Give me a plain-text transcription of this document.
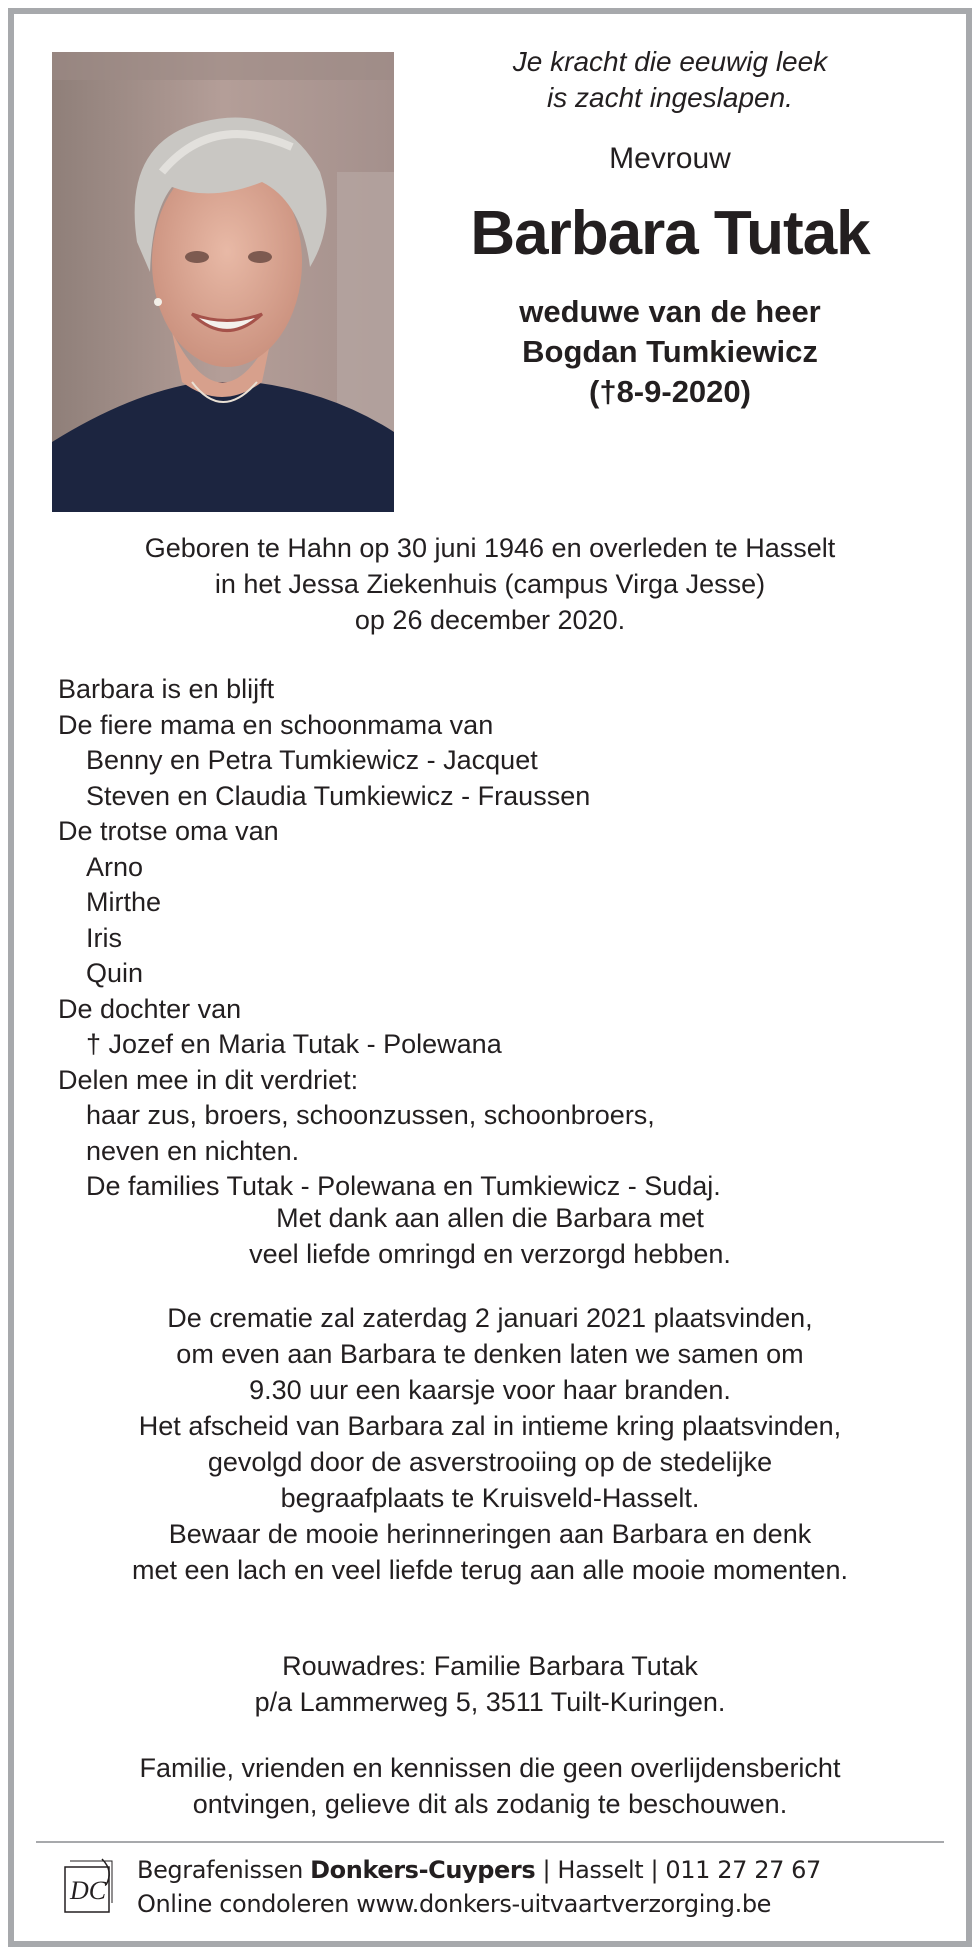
Je kracht die eeuwig leek
is zacht ingeslapen.
Mevrouw
Barbara Tutak
weduwe van de heer
Bogdan Tumkiewicz
(†8-9-2020)
Geboren te Hahn op 30 juni 1946 en overleden te Hasselt
in het Jessa Ziekenhuis (campus Virga Jesse)
op 26 december 2020.
Barbara is en blijft
De fiere mama en schoonmama van
Benny en Petra Tumkiewicz - Jacquet
Steven en Claudia Tumkiewicz - Fraussen
De trotse oma van
Arno
Mirthe
Iris
Quin
De dochter van
† Jozef en Maria Tutak - Polewana
Delen mee in dit verdriet:
haar zus, broers, schoonzussen, schoonbroers,
neven en nichten.
De families Tutak - Polewana en Tumkiewicz - Sudaj.
Met dank aan allen die Barbara met
veel liefde omringd en verzorgd hebben.
De crematie zal zaterdag 2 januari 2021 plaatsvinden,
om even aan Barbara te denken laten we samen om
9.30 uur een kaarsje voor haar branden.
Het afscheid van Barbara zal in intieme kring plaatsvinden,
gevolgd door de asverstrooiing op de stedelijke
begraafplaats te Kruisveld-Hasselt.
Bewaar de mooie herinneringen aan Barbara en denk
met een lach en veel liefde terug aan alle mooie momenten.
Rouwadres: Familie Barbara Tutak
p/a Lammerweg 5, 3511 Tuilt-Kuringen.
Familie, vrienden en kennissen die geen overlijdensbericht
ontvingen, gelieve dit als zodanig te beschouwen.
DC
Begrafenissen Donkers-Cuypers | Hasselt | 011 27 27 67
Online condoleren www.donkers-uitvaartverzorging.be
